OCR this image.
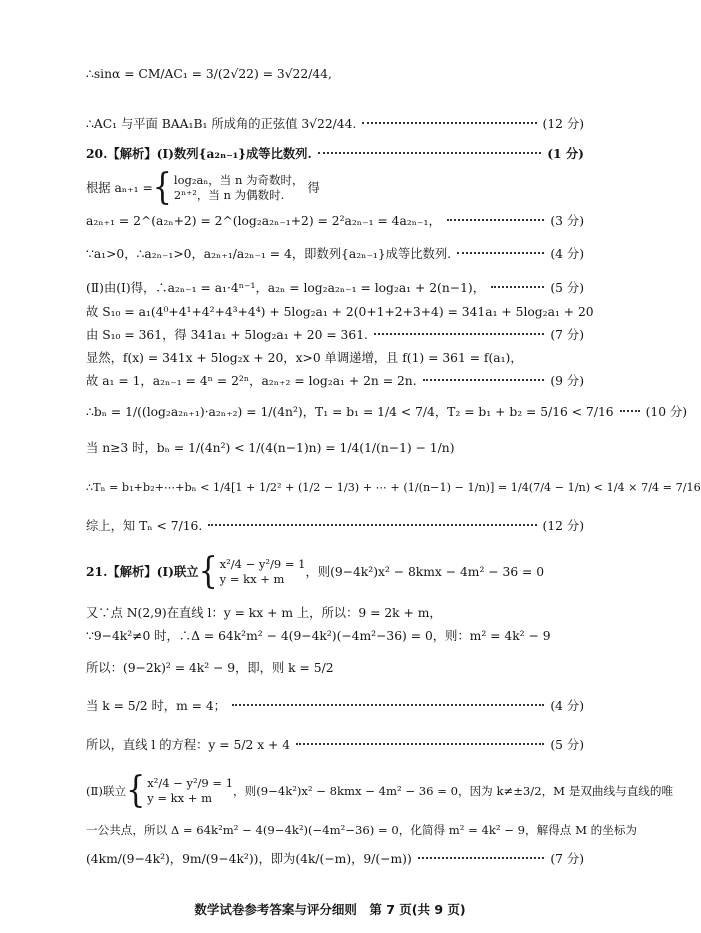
∴sinα = CM/AC₁ = 3/(2√22) = 3√22/44,
∴AC₁ 与平面 BAA₁B₁ 所成角的正弦值 3√22/44.	(12 分)
20.【解析】(Ⅰ)数列{a₂ₙ₋₁}成等比数列.	(1 分)
根据 aₙ₊₁ = { log₂aₙ，当 n 为奇数时，
2ⁿ⁺²，当 n 为偶数时.	得
a₂ₙ₊₁ = 2^(a₂ₙ+2) = 2^(log₂a₂ₙ₋₁+2) = 2²a₂ₙ₋₁ = 4a₂ₙ₋₁，	(3 分)
∵a₁>0，∴a₂ₙ₋₁>0，a₂ₙ₊₁/a₂ₙ₋₁ = 4，即数列{a₂ₙ₋₁}成等比数列.	(4 分)
(Ⅱ)由(Ⅰ)得，∴a₂ₙ₋₁ = a₁·4ⁿ⁻¹，a₂ₙ = log₂a₂ₙ₋₁ = log₂a₁ + 2(n−1)，	(5 分)
故 S₁₀ = a₁(4⁰+4¹+4²+4³+4⁴) + 5log₂a₁ + 2(0+1+2+3+4) = 341a₁ + 5log₂a₁ + 20
由 S₁₀ = 361，得 341a₁ + 5log₂a₁ + 20 = 361.	(7 分)
显然，f(x) = 341x + 5log₂x + 20，x>0 单调递增，且 f(1) = 361 = f(a₁)，
故 a₁ = 1，a₂ₙ₋₁ = 4ⁿ = 2²ⁿ，a₂ₙ₊₂ = log₂a₁ + 2n = 2n.	(9 分)
∴bₙ = 1/((log₂a₂ₙ₊₁)·a₂ₙ₊₂) = 1/(4n²)，T₁ = b₁ = 1/4 < 7/4，T₂ = b₁ + b₂ = 5/16 < 7/16	(10 分)
当 n≥3 时，bₙ = 1/(4n²) < 1/(4(n−1)n) = 1/4(1/(n−1) − 1/n)
∴Tₙ = b₁+b₂+⋯+bₙ < 1/4[1 + 1/2² + (1/2 − 1/3) + ⋯ + (1/(n−1) − 1/n)] = 1/4(7/4 − 1/n) < 1/4 × 7/4 = 7/16
综上，知 Tₙ < 7/16.	(12 分)
21.【解析】(Ⅰ)联立 { x²/4 − y²/9 = 1
y = kx + m	，则(9−4k²)x² − 8kmx − 4m² − 36 = 0
又∵点 N(2,9)在直线 l：y = kx + m 上，所以：9 = 2k + m，
∵9−4k²≠0 时，∴Δ = 64k²m² − 4(9−4k²)(−4m²−36) = 0，则：m² = 4k² − 9
所以：(9−2k)² = 4k² − 9，即，则 k = 5/2
当 k = 5/2 时，m = 4；	(4 分)
所以，直线 l 的方程：y = 5/2 x + 4	(5 分)
(Ⅱ)联立 { x²/4 − y²/9 = 1
y = kx + m	，则(9−4k²)x² − 8kmx − 4m² − 36 = 0，因为 k≠±3/2，M 是双曲线与直线的唯
一公共点，所以 Δ = 64k²m² − 4(9−4k²)(−4m²−36) = 0，化简得 m² = 4k² − 9，解得点 M 的坐标为
(4km/(9−4k²)，9m/(9−4k²))，即为(4k/(−m)，9/(−m))	(7 分)
数学试卷参考答案与评分细则　第 7 页(共 9 页)
